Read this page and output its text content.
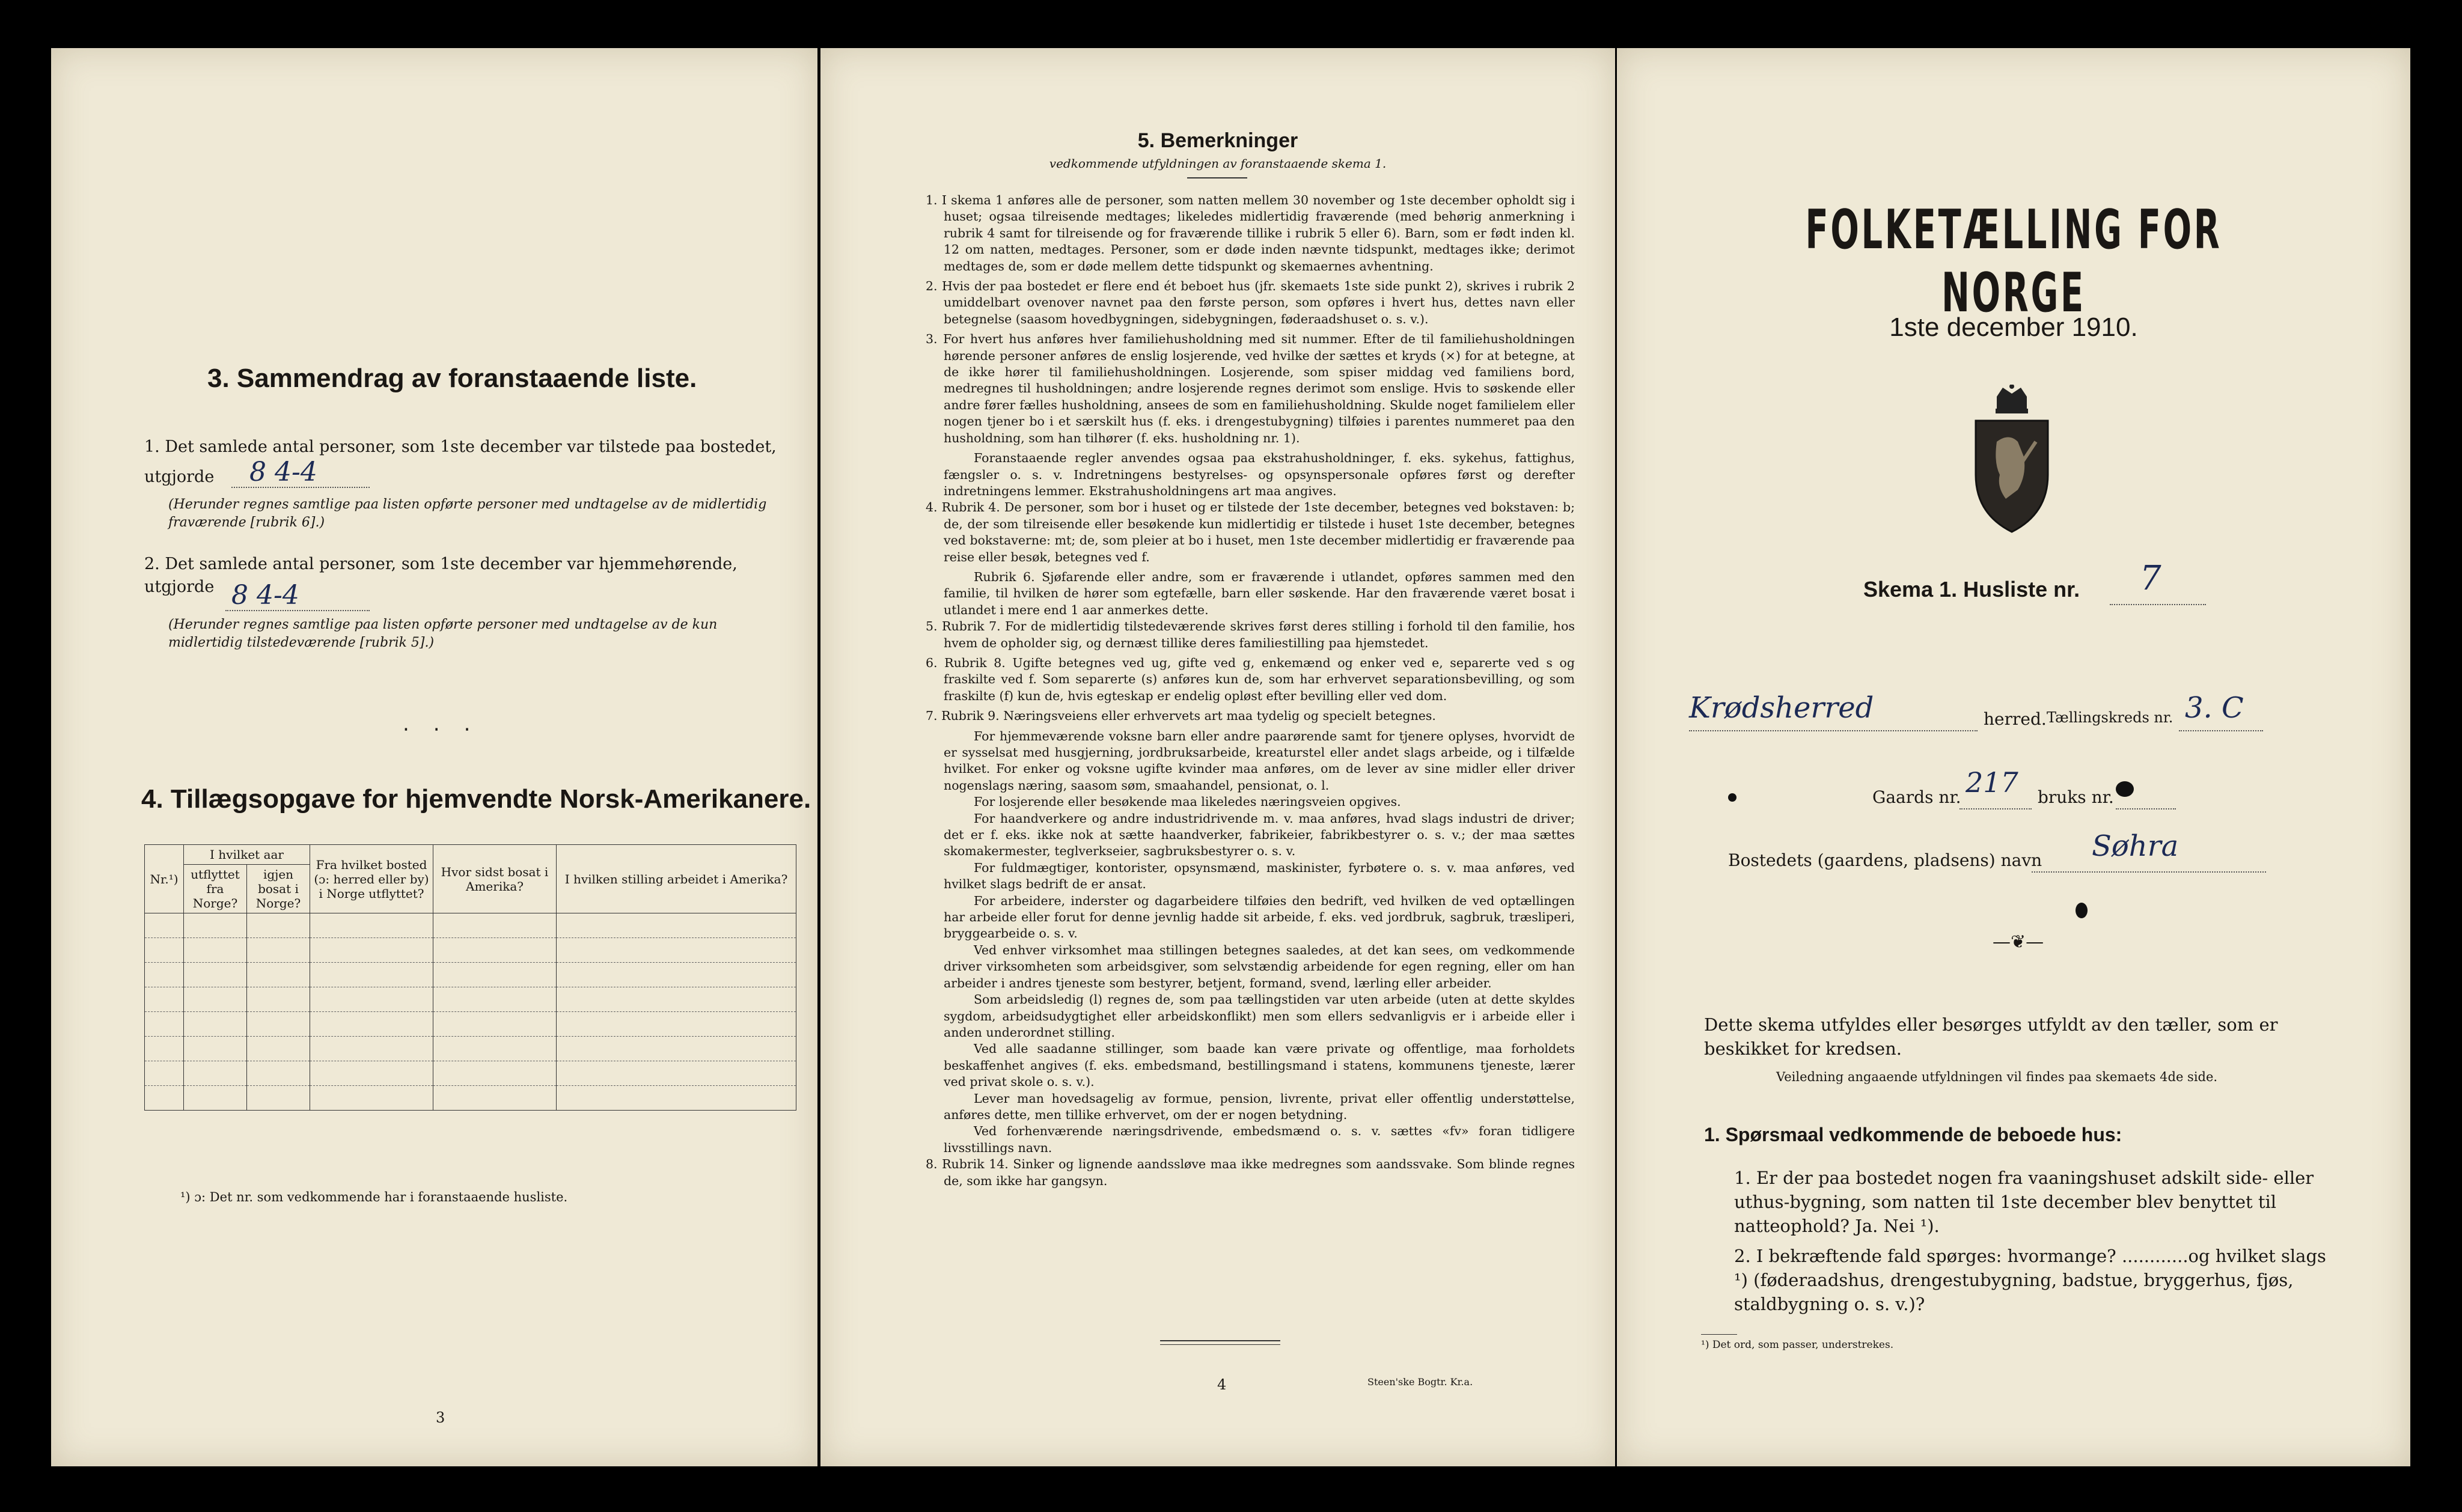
3. Sammendrag av foranstaaende liste.
1. Det samlede antal personer, som 1ste december var tilstede paa bostedet,
utgjorde 8 4-4
(Herunder regnes samtlige paa listen opførte personer med undtagelse av de midlertidig fraværende [rubrik 6].)
2. Det samlede antal personer, som 1ste december var hjemmehørende, utgjorde 8 4-4
(Herunder regnes samtlige paa listen opførte personer med undtagelse av de kun midlertidig tilstedeværende [rubrik 5].)
‧‧‧
4. Tillægsopgave for hjemvendte Norsk-Amerikanere.
Nr.¹)	I hvilket aar		Fra hvilket bosted (ɔ: herred eller by) i Norge utflyttet?	Hvor sidst bosat i Amerika?	I hvilken stilling arbeidet i Amerika?
	utflyttet fra Norge?	igjen bosat i Norge?			

¹) ɔ: Det nr. som vedkommende har i foranstaaende husliste.
3
5. Bemerkninger
vedkommende utfyldningen av foranstaaende skema 1.

1. I skema 1 anføres alle de personer, som natten mellem 30 november og 1ste december opholdt sig i huset; ogsaa tilreisende medtages; likeledes midlertidig fraværende (med behørig anmerkning i rubrik 4 samt for tilreisende og for fraværende tillike i rubrik 5 eller 6). Barn, som er født inden kl. 12 om natten, medtages. Personer, som er døde inden nævnte tidspunkt, medtages ikke; derimot medtages de, som er døde mellem dette tidspunkt og skemaernes avhentning.

2. Hvis der paa bostedet er flere end ét beboet hus (jfr. skemaets 1ste side punkt 2), skrives i rubrik 2 umiddelbart ovenover navnet paa den første person, som opføres i hvert hus, dettes navn eller betegnelse (saasom hovedbygningen, sidebygningen, føderaadshuset o. s. v.).

3. For hvert hus anføres hver familiehusholdning med sit nummer. Efter de til familiehusholdningen hørende personer anføres de enslig losjerende, ved hvilke der sættes et kryds (×) for at betegne, at de ikke hører til familiehusholdningen. Losjerende, som spiser middag ved familiens bord, medregnes til husholdningen; andre losjerende regnes derimot som enslige. Hvis to søskende eller andre fører fælles husholdning, ansees de som en familiehusholdning. Skulde noget familielem eller nogen tjener bo i et særskilt hus (f. eks. i drengestubygning) tilføies i parentes nummeret paa den husholdning, som han tilhører (f. eks. husholdning nr. 1).

Foranstaaende regler anvendes ogsaa paa ekstrahusholdninger, f. eks. sykehus, fattighus, fængsler o. s. v. Indretningens bestyrelses- og opsynspersonale opføres først og derefter indretningens lemmer. Ekstrahusholdningens art maa angives.

4. Rubrik 4. De personer, som bor i huset og er tilstede der 1ste december, betegnes ved bokstaven: b; de, der som tilreisende eller besøkende kun midlertidig er tilstede i huset 1ste december, betegnes ved bokstaverne: mt; de, som pleier at bo i huset, men 1ste december midlertidig er fraværende paa reise eller besøk, betegnes ved f.

Rubrik 6. Sjøfarende eller andre, som er fraværende i utlandet, opføres sammen med den familie, til hvilken de hører som egtefælle, barn eller søskende. Har den fraværende været bosat i utlandet i mere end 1 aar anmerkes dette.

5. Rubrik 7. For de midlertidig tilstedeværende skrives først deres stilling i forhold til den familie, hos hvem de opholder sig, og dernæst tillike deres familiestilling paa hjemstedet.

6. Rubrik 8. Ugifte betegnes ved ug, gifte ved g, enkemænd og enker ved e, separerte ved s og fraskilte ved f. Som separerte (s) anføres kun de, som har erhvervet separationsbevilling, og som fraskilte (f) kun de, hvis egteskap er endelig opløst efter bevilling eller ved dom.

7. Rubrik 9. Næringsveiens eller erhvervets art maa tydelig og specielt betegnes.

For hjemmeværende voksne barn eller andre paarørende samt for tjenere oplyses, hvorvidt de er sysselsat med husgjerning, jordbruksarbeide, kreaturstel eller andet slags arbeide, og i tilfælde hvilket. For enker og voksne ugifte kvinder maa anføres, om de lever av sine midler eller driver nogenslags næring, saasom søm, smaahandel, pensionat, o. l.

For losjerende eller besøkende maa likeledes næringsveien opgives.

For haandverkere og andre industridrivende m. v. maa anføres, hvad slags industri de driver; det er f. eks. ikke nok at sætte haandverker, fabrikeier, fabrikbestyrer o. s. v.; der maa sættes skomakermester, teglverkseier, sagbruksbestyrer o. s. v.

For fuldmægtiger, kontorister, opsynsmænd, maskinister, fyrbøtere o. s. v. maa anføres, ved hvilket slags bedrift de er ansat.

For arbeidere, inderster og dagarbeidere tilføies den bedrift, ved hvilken de ved optællingen har arbeide eller forut for denne jevnlig hadde sit arbeide, f. eks. ved jordbruk, sagbruk, træsliperi, bryggearbeide o. s. v.

Ved enhver virksomhet maa stillingen betegnes saaledes, at det kan sees, om vedkommende driver virksomheten som arbeidsgiver, som selvstændig arbeidende for egen regning, eller om han arbeider i andres tjeneste som bestyrer, betjent, formand, svend, lærling eller arbeider.

Som arbeidsledig (l) regnes de, som paa tællingstiden var uten arbeide (uten at dette skyldes sygdom, arbeidsudygtighet eller arbeidskonflikt) men som ellers sedvanligvis er i arbeide eller i anden underordnet stilling.

Ved alle saadanne stillinger, som baade kan være private og offentlige, maa forholdets beskaffenhet angives (f. eks. embedsmand, bestillingsmand i statens, kommunens tjeneste, lærer ved privat skole o. s. v.).

Lever man hovedsagelig av formue, pension, livrente, privat eller offentlig understøttelse, anføres dette, men tillike erhvervet, om der er nogen betydning.

Ved forhenværende næringsdrivende, embedsmænd o. s. v. sættes «fv» foran tidligere livsstillings navn.

8. Rubrik 14. Sinker og lignende aandssløve maa ikke medregnes som aandssvake. Som blinde regnes de, som ikke har gangsyn.

4	Steen'ske Bogtr. Kr.a.
FOLKETÆLLING FOR NORGE
1ste december 1910.
Skema 1. Husliste nr. 7
Krødsherred	herred. Tællingskreds nr. 3. C
Gaards nr. 217 bruks nr.
Bostedets (gaardens, pladsens) navn Søhra
—❦—
Dette skema utfyldes eller besørges utfyldt av den tæller, som er beskikket for kredsen.
Veiledning angaaende utfyldningen vil findes paa skemaets 4de side.
1. Spørsmaal vedkommende de beboede hus:
1. Er der paa bostedet nogen fra vaaningshuset adskilt side- eller uthus-bygning, som natten til 1ste december blev benyttet til natteophold? Ja. Nei ¹).
2. I bekræftende fald spørges: hvormange? ............og hvilket slags ¹) (føderaadshus, drengestubygning, badstue, bryggerhus, fjøs, staldbygning o. s. v.)?
¹) Det ord, som passer, understrekes.
